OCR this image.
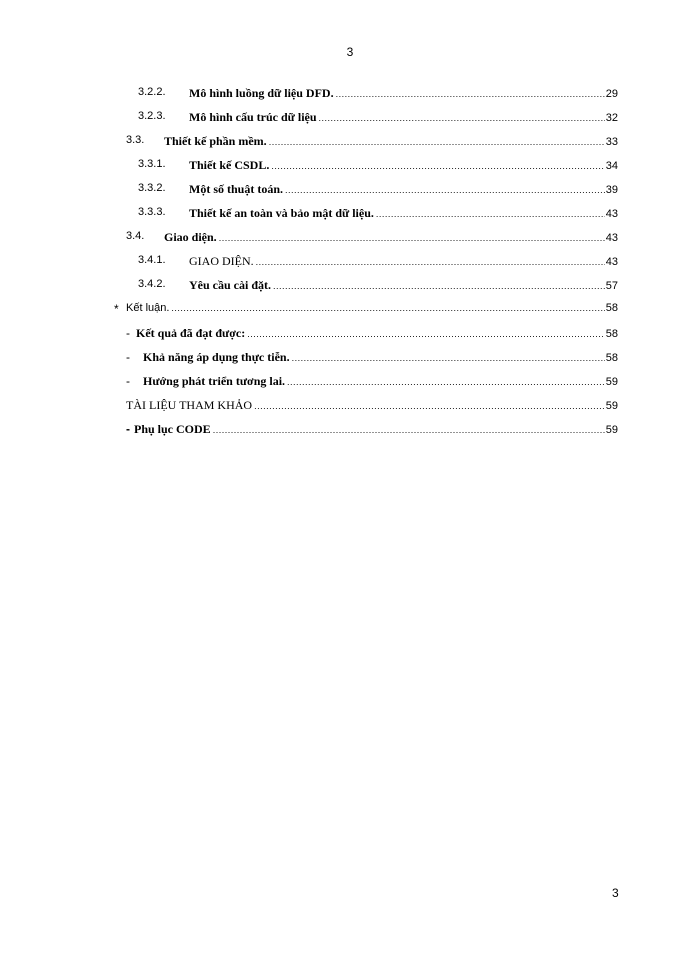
3
3.2.2. Mô hình luồng dữ liệu DFD. .....	29
3.2.3. Mô hình cấu trúc dữ liệu .....	32
3.3. Thiết kế phần mềm. .....	33
3.3.1. Thiết kế CSDL. .....	34
3.3.2. Một số thuật toán. .....	39
3.3.3. Thiết kế an toàn và bảo mật dữ liệu. .....	43
3.4. Giao diện. .....	43
3.4.1. GIAO DIỆN. .....	43
3.4.2. Yêu cầu cài đặt. .....	57
* Kết luận. .....	58
- Kết quả đã đạt được: .....	58
- Khả năng áp dụng thực tiễn. .....	58
- Hướng phát triển tương lai. .....	59
TÀI LIỆU THAM KHẢO .....	59
- Phụ lục CODE .....	59
3
